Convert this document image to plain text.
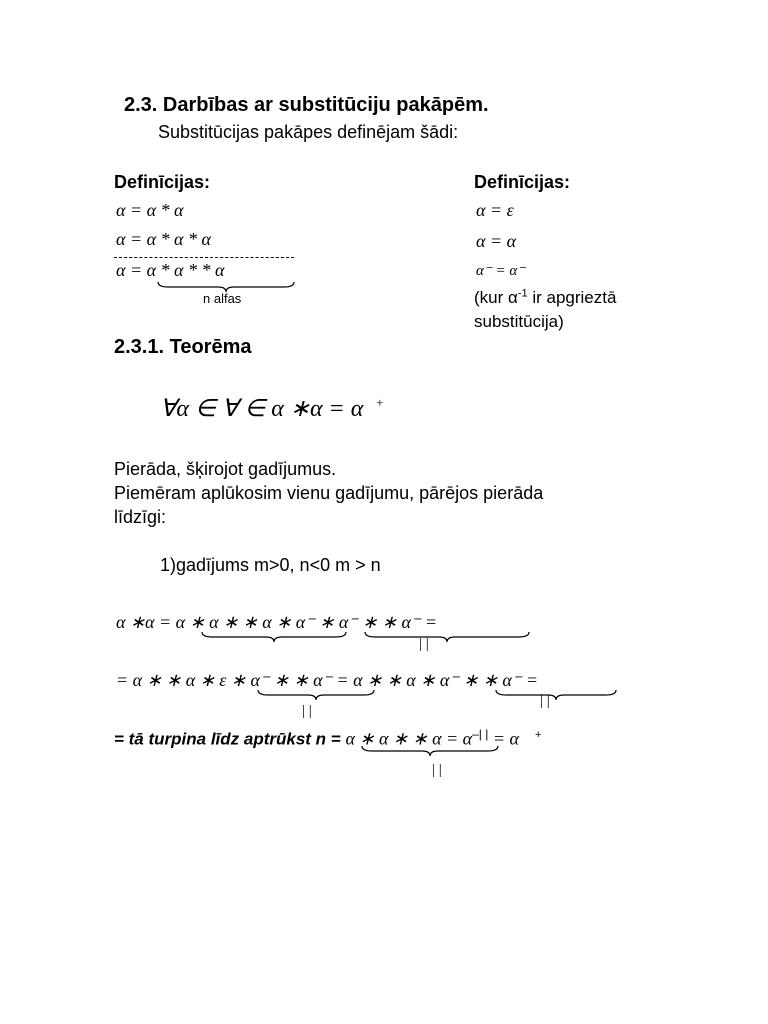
2.3. Darbības ar substitūciju pakāpēm.
Substitūcijas pakāpes definējam šādi:
Definīcijas:
α = α * α
α = α * α * α
α = α * α * * α
n alfas
Definīcijas:
α = ε
α = α
α⁻ = α⁻
(kur $\alpha^{-1}$ ir apgrieztā
substitūcija)
2.3.1. Teorēma
∀α ∈ ∀ ∈ α ∗α = α +
Pierāda, šķirojot gadījumus.
Piemēram aplūkosim vienu gadījumu, pārējos pierāda
līdzīgi:
1)gadījums m>0, n<0 m > n
α ∗α = α ∗ α ∗ ∗ α ∗ α⁻ ∗ α⁻ ∗ ∗ α⁻ =
| |
= α ∗ ∗ α ∗ ε ∗ α⁻ ∗ ∗ α⁻ = α ∗ ∗ α ∗ α⁻ ∗ ∗ α⁻ =
| |
| |
= tā turpina līdz aptrūkst n = α ∗ α ∗ ∗ α = α–| | = α +
| |
